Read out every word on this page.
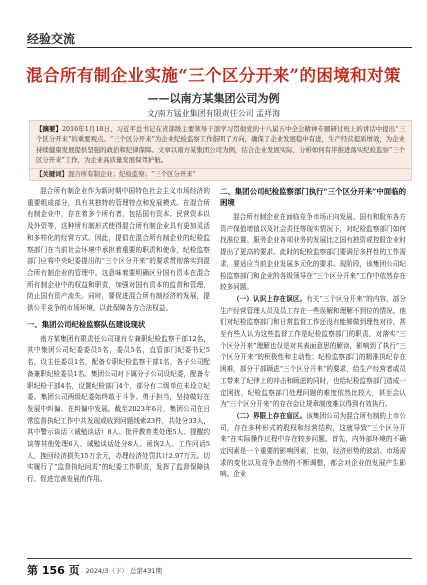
经验交流
混合所有制企业实施“三个区分开来”的困境和对策
——以南方某集团公司为例
文/南方锰业集团有限责任公司 孟祥海
【摘要】2016年1月18日，习近平总书记在省部级主要领导干部学习贯彻党的十八届五中全会精神专题研讨班上的讲话中提出“三个区分开来”的重要观点。“三个区分开来”为企业纪检监察工作指明了方向，确保了企业发展稳中有进，生产经营提质增效，为企业持续健康发展提供坚强的政治和纪律保障。文章以南方某集团公司为例，结合企业发展实际，分析如何有序推进落实纪检监察“三个区分开来”工作，为企业高质量发展保驾护航。
【关键词】混合所有制企业；纪检监察；“三个区分开来”

混合所有制企业作为新时期中国特色社会主义市场经济的重要组成部分，具有其独特的管理特点和发展模式。在混合所有制企业中，存在着多个所有者，包括国有资本、民营资本以及外资等，这种所有制形式使得混合所有制企业具有更加灵活和多样化的经营方式。因此，提倡在混合所有制企业的纪检监察部门在当前社会环境中承担着重要的职责和使命，纪检监察部门应将中央纪委提出的“三个区分开来”的要求贯彻落实到混合所有制企业的管理中。这意味着要明确区分国有资本在混合所有制企业中的权益和职责，加强对国有资本的监督和管理，防止国有资产流失。同时，要促进混合所有制经济的发展，提供公平竞争的市场环境，以此保障各方合法权益。

一、集团公司纪检监察队伍建设现状

南方某集团有限责任公司现有专兼职纪检监察干部12名，其中集团公司纪委委员5名，委员5名，直管部门纪委书记5名，设主任委员1名，配备专职纪检监察干部1名，各子公司配备兼职纪检委员1名。集团公司对下属分子公司设纪委，配备专职纪检干部4名，设置纪检部门4个，部分有二级单位未设立纪委。集团公司两级纪委始终敢于斗争、勇于担当，坚持做好在发展中纠偏、在纠偏中发展。截至2023年6月，集团公司在日常监督执纪工作中共发现或收到问题线索23件，共处分33人，其中警示谈话（诫勉谈话）8人、批评教育类处理5人、提醒约谈等其他处理6人、诫勉谈话处分8人、函询2人、工作问话5人，挽回经济损失15万余元，办理经济处罚共计2.97万元。切实履行了“监督执纪问责”的纪委工作职责，发挥了监督保障执行、促进完善发展的作用。

二、集团公司纪检监察部门执行“三个区分开来”中面临的困境

混合所有制企业在面临竞争市场正向发展、国有和股东各方资产保值增值以及社会责任等现实情况下，对纪检监察部门如何找准位置、服务企业各项业务的发展比之国有独资或控股企业时提出了更高的要求。此时的纪检监察部门要满足多样性的工作需求，要适应当前企业发展多元化的要求。现阶段，该集团公司纪检监察部门和企业的各级领导在“三个区分开来”工作中依然存在较多问题。

（一）认识上存在误区。有关“三个区分开来”的内容，部分生产经营管理人员及员工存在一些误解和理解不到位的情况。他们对纪检监察部门和日常监督工作还没有能够做到理性对待，甚至有些人认为这些监督工作是纪检监察部门的职责，对落实“三个区分开来”理解也仅是对其表面意思的解读，影响到了执行“三个区分开来”的积极性和主动性；纪检监察部门的精准执纪存在困难，部分干部顾虑“三个区分开来”的要求，给生产经营者或员工带来了纪律上的冲击和顾虑的同时，也给纪检监察部门造成一定困扰，纪检监察部门处理问题的难度依然比较大，甚至会认为“三个区分开来”的存在会让规章制度难以得到有效执行。

（二）界限上存在盲区。该集团公司为混合所有制的上市公司，存在多种形式的股权和经营结构，这就导致“三个区分开来”在实际操作过程中存在较多问题。首先，内外部环境的不确定因素是一个重要的影响因素，比如，经济形势的波动、市场需求的变化以及竞争态势的不断调整，都会对企业的发展产生影响。企业

第 156 页 2024/3（下） 总第431期
